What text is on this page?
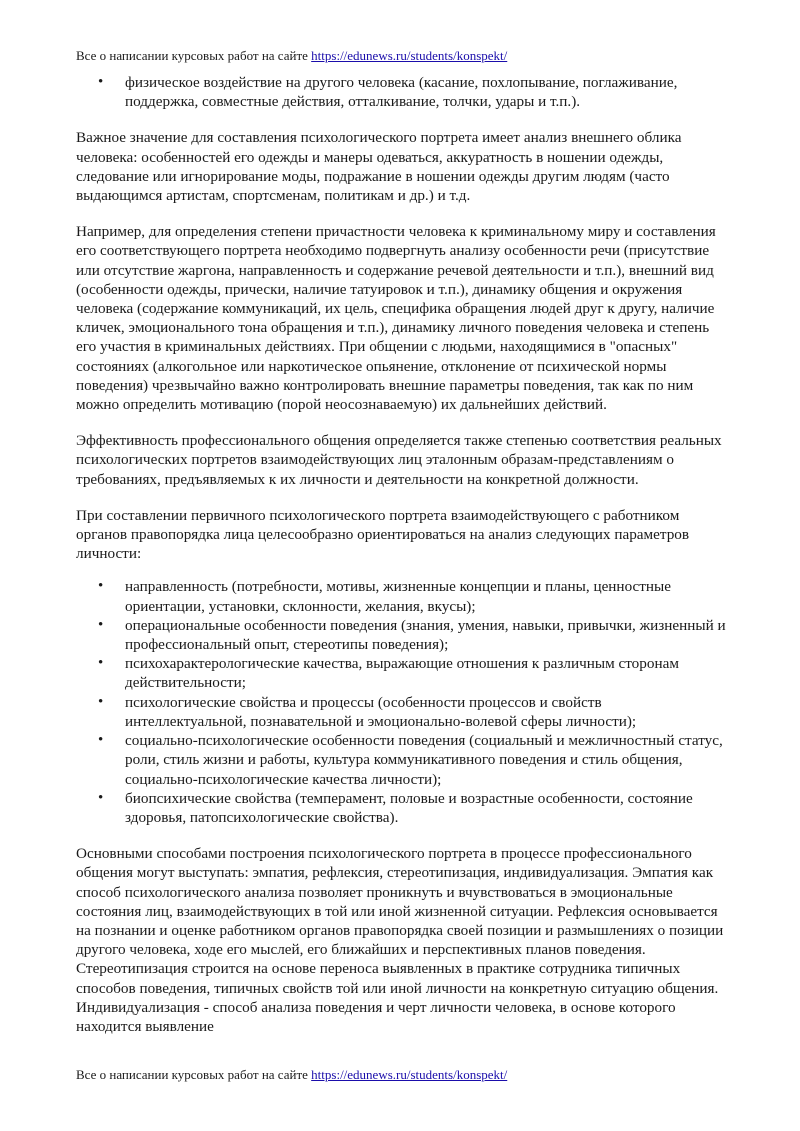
Все о написании курсовых работ на сайте https://edunews.ru/students/konspekt/
• физическое воздействие на другого человека (касание, похлопывание, поглаживание, поддержка, совместные действия, отталкивание, толчки, удары и т.п.).

Важное значение для составления психологического портрета имеет анализ внешнего облика человека: особенностей его одежды и манеры одеваться, аккуратность в ношении одежды, следование или игнорирование моды, подражание в ношении одежды другим людям (часто выдающимся артистам, спортсменам, политикам и др.) и т.д.

Например, для определения степени причастности человека к криминальному миру и составления его соответствующего портрета необходимо подвергнуть анализу особенности речи (присутствие или отсутствие жаргона, направленность и содержание речевой деятельности и т.п.), внешний вид (особенности одежды, прически, наличие татуировок и т.п.), динамику общения и окружения человека (содержание коммуникаций, их цель, специфика обращения людей друг к другу, наличие кличек, эмоционального тона обращения и т.п.), динамику личного поведения человека и степень его участия в криминальных действиях. При общении с людьми, находящимися в "опасных" состояниях (алкогольное или наркотическое опьянение, отклонение от психической нормы поведения) чрезвычайно важно контролировать внешние параметры поведения, так как по ним можно определить мотивацию (порой неосознаваемую) их дальнейших действий.

Эффективность профессионального общения определяется также степенью соответствия реальных психологических портретов взаимодействующих лиц эталонным образам-представлениям о требованиях, предъявляемых к их личности и деятельности на конкретной должности.

При составлении первичного психологического портрета взаимодействующего с работником органов правопорядка лица целесообразно ориентироваться на анализ следующих параметров личности:

• направленность (потребности, мотивы, жизненные концепции и планы, ценностные ориентации, установки, склонности, желания, вкусы);
• операциональные особенности поведения (знания, умения, навыки, привычки, жизненный и профессиональный опыт, стереотипы поведения);
• психохарактерологические качества, выражающие отношения к различным сторонам действительности;
• психологические свойства и процессы (особенности процессов и свойств интеллектуальной, познавательной и эмоционально-волевой сферы личности);
• социально-психологические особенности поведения (социальный и межличностный статус, роли, стиль жизни и работы, культура коммуникативного поведения и стиль общения, социально-психологические качества личности);
• биопсихические свойства (темперамент, половые и возрастные особенности, состояние здоровья, патопсихологические свойства).

Основными способами построения психологического портрета в процессе профессионального общения могут выступать: эмпатия, рефлексия, стереотипизация, индивидуализация. Эмпатия как способ психологического анализа позволяет проникнуть и вчувствоваться в эмоциональные состояния лиц, взаимодействующих в той или иной жизненной ситуации. Рефлексия основывается на познании и оценке работником органов правопорядка своей позиции и размышлениях о позиции другого человека, ходе его мыслей, его ближайших и перспективных планов поведения. Стереотипизация строится на основе переноса выявленных в практике сотрудника типичных способов поведения, типичных свойств той или иной личности на конкретную ситуацию общения. Индивидуализация - способ анализа поведения и черт личности человека, в основе которого находится выявление

Все о написании курсовых работ на сайте https://edunews.ru/students/konspekt/
